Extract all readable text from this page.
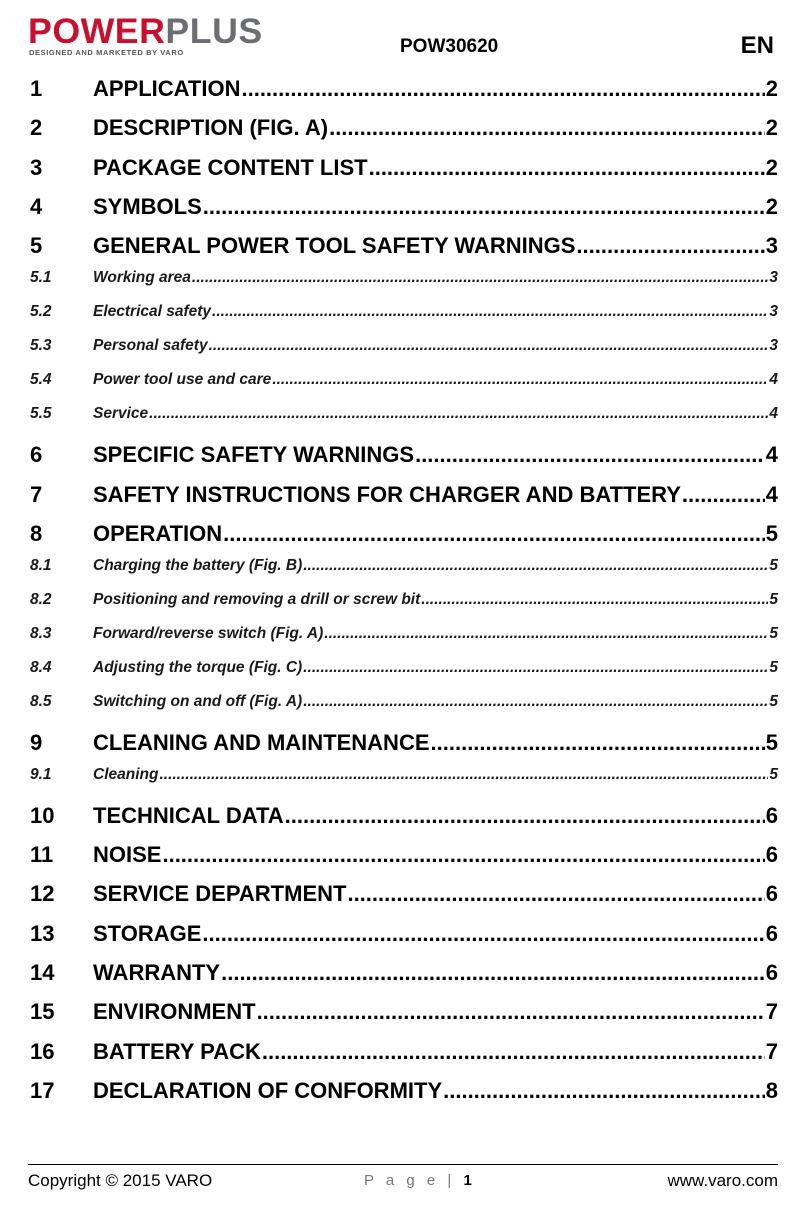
POWERPLUS
DESIGNED AND MARKETED BY VARO	POW30620	EN
1	APPLICATION .....	2
2	DESCRIPTION (FIG. A) .....	2
3	PACKAGE CONTENT LIST .....	2
4	SYMBOLS .....	2
5	GENERAL POWER TOOL SAFETY WARNINGS .....	3
5.1	Working area .....	3
5.2	Electrical safety .....	3
5.3	Personal safety .....	3
5.4	Power tool use and care .....	4
5.5	Service .....	4
6	SPECIFIC SAFETY WARNINGS .....	4
7	SAFETY INSTRUCTIONS FOR CHARGER AND BATTERY .....	4
8	OPERATION .....	5
8.1	Charging the battery (Fig. B) .....	5
8.2	Positioning and removing a drill or screw bit .....	5
8.3	Forward/reverse switch (Fig. A) .....	5
8.4	Adjusting the torque (Fig. C) .....	5
8.5	Switching on and off (Fig. A) .....	5
9	CLEANING AND MAINTENANCE .....	5
9.1	Cleaning .....	5
10	TECHNICAL DATA .....	6
11	NOISE .....	6
12	SERVICE DEPARTMENT .....	6
13	STORAGE .....	6
14	WARRANTY .....	6
15	ENVIRONMENT .....	7
16	BATTERY PACK .....	7
17	DECLARATION OF CONFORMITY .....	8
Copyright © 2015 VARO	P a g e | 1	www.varo.com
